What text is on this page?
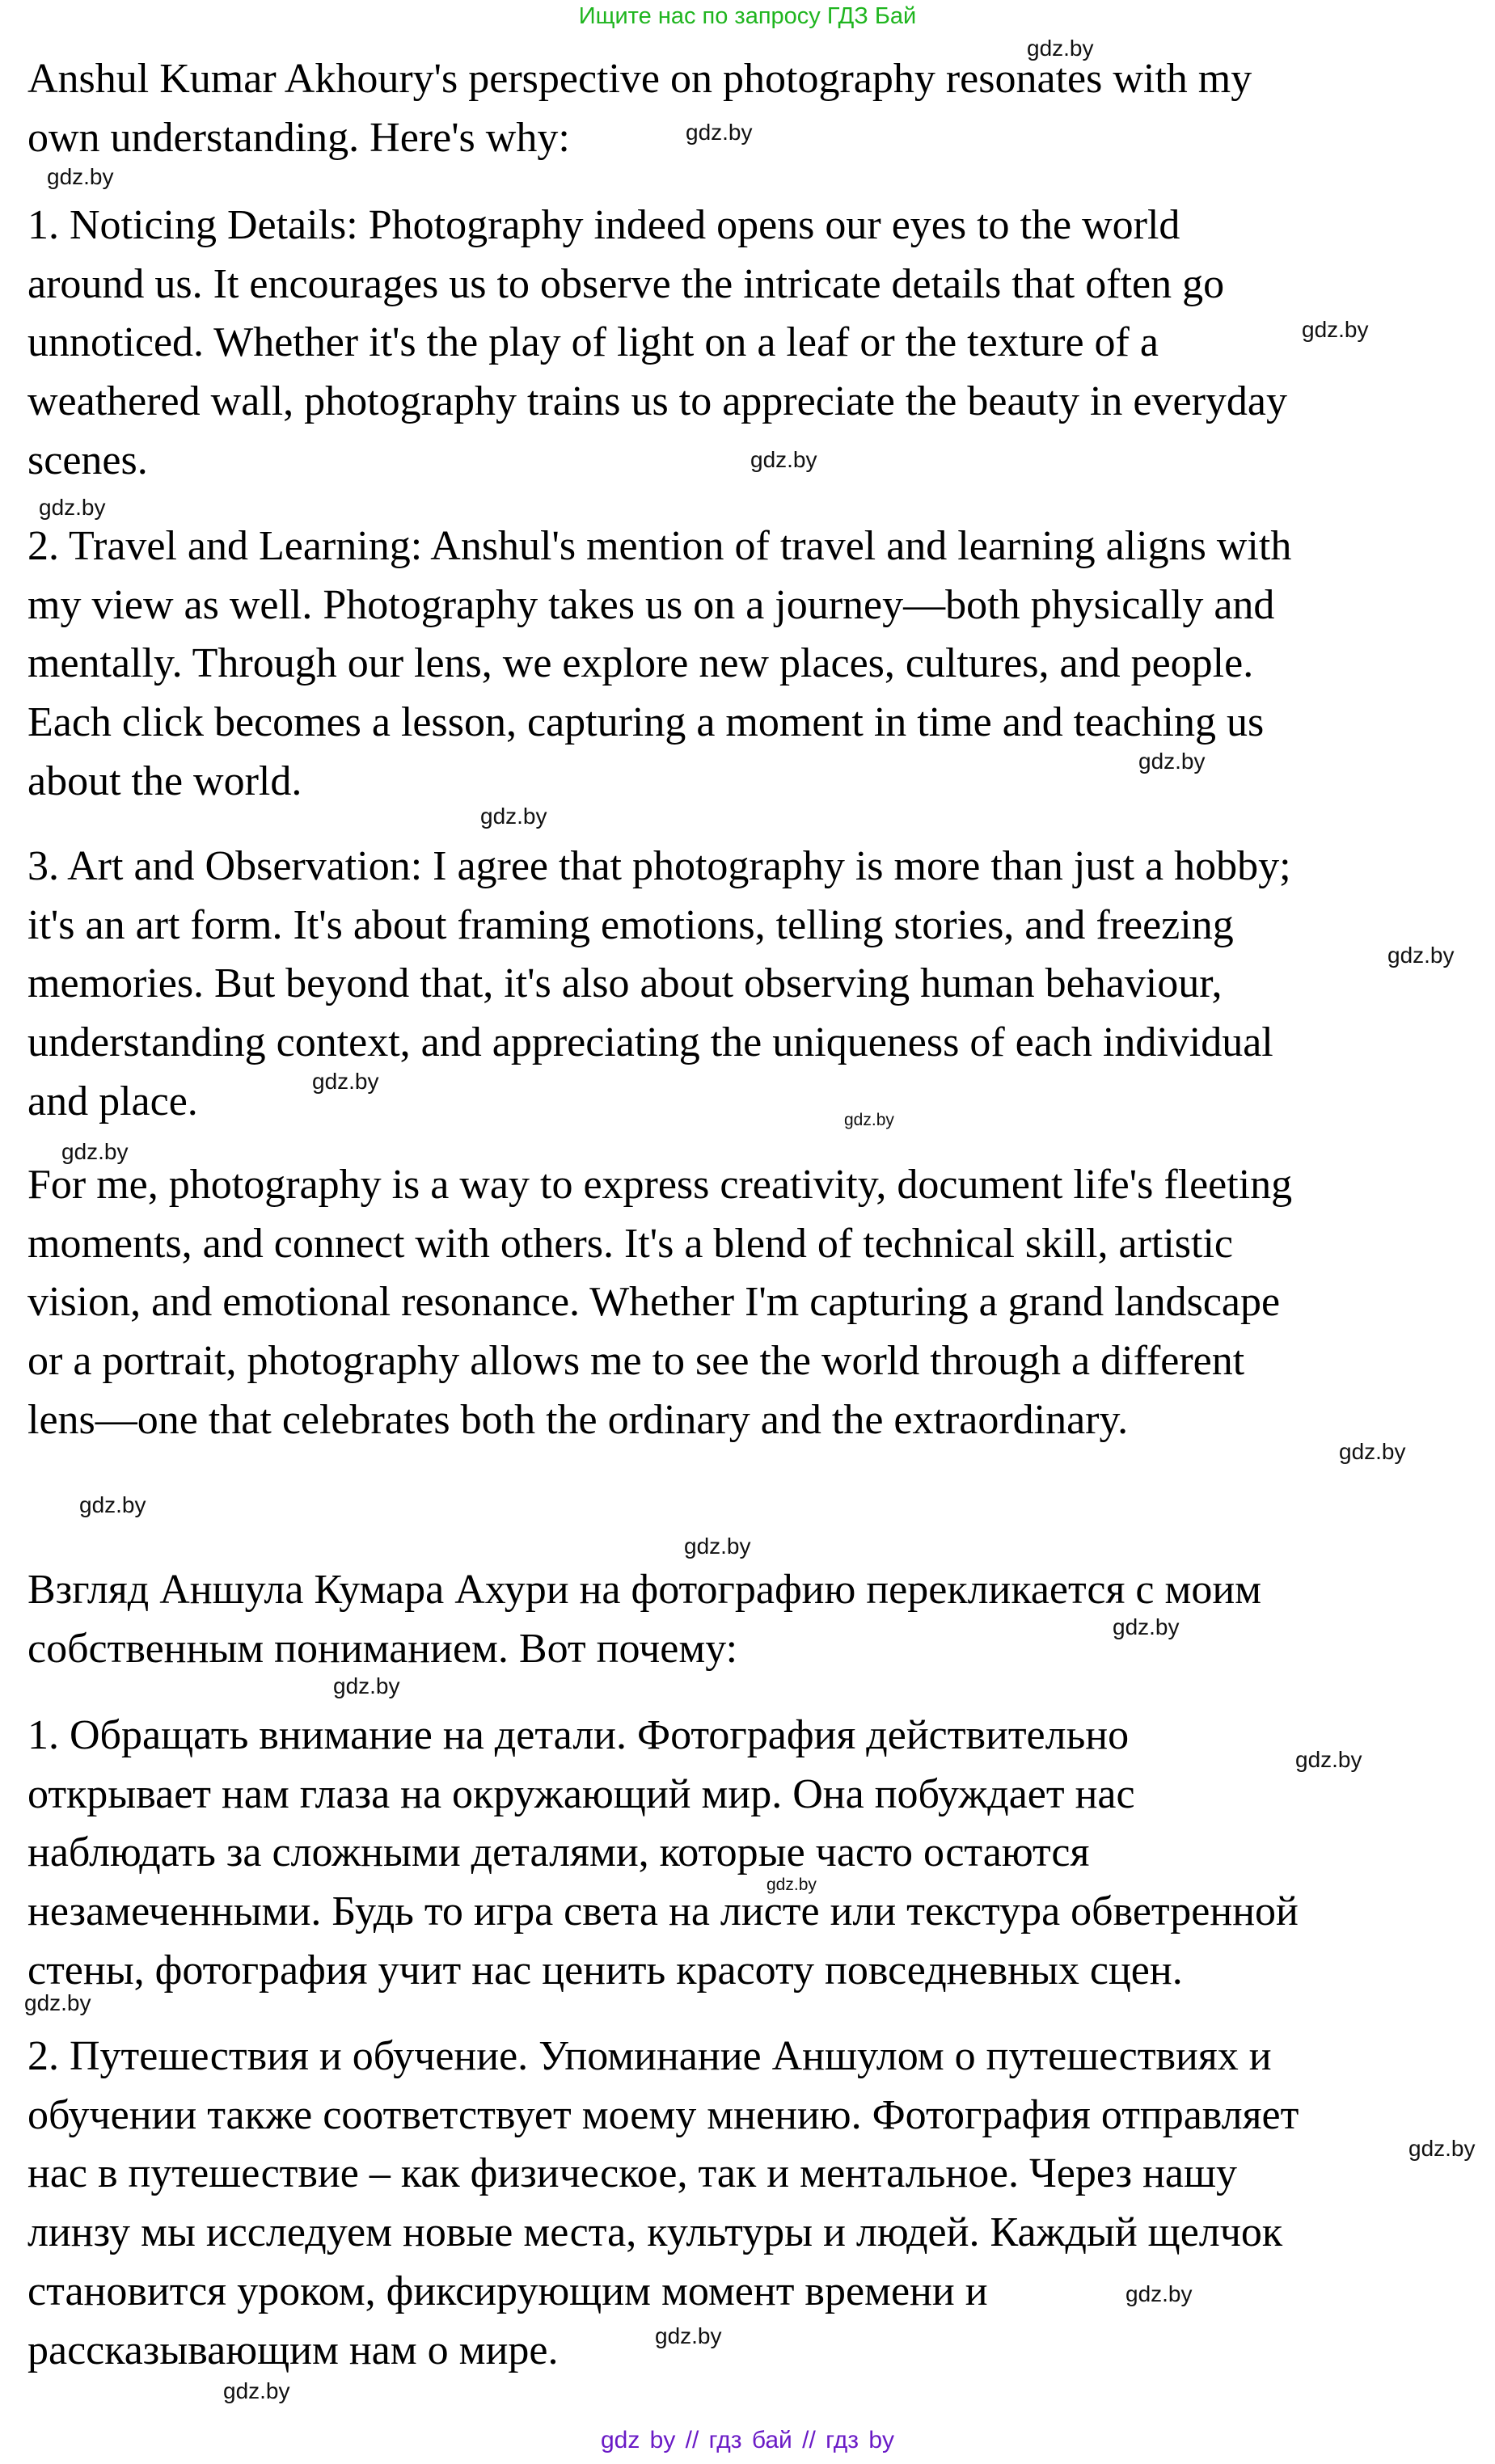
Ищите нас по запросу ГДЗ Бай
Anshul Kumar Akhoury's perspective on photography resonates with my
own understanding. Here's why:
1. Noticing Details: Photography indeed opens our eyes to the world
around us. It encourages us to observe the intricate details that often go
unnoticed. Whether it's the play of light on a leaf or the texture of a
weathered wall, photography trains us to appreciate the beauty in everyday
scenes.
2. Travel and Learning: Anshul's mention of travel and learning aligns with
my view as well. Photography takes us on a journey—both physically and
mentally. Through our lens, we explore new places, cultures, and people.
Each click becomes a lesson, capturing a moment in time and teaching us
about the world.
3. Art and Observation: I agree that photography is more than just a hobby;
it's an art form. It's about framing emotions, telling stories, and freezing
memories. But beyond that, it's also about observing human behaviour,
understanding context, and appreciating the uniqueness of each individual
and place.
For me, photography is a way to express creativity, document life's fleeting
moments, and connect with others. It's a blend of technical skill, artistic
vision, and emotional resonance. Whether I'm capturing a grand landscape
or a portrait, photography allows me to see the world through a different
lens—one that celebrates both the ordinary and the extraordinary.
Взгляд Аншула Кумара Ахури на фотографию перекликается с моим
собственным пониманием. Вот почему:
1. Обращать внимание на детали. Фотография действительно
открывает нам глаза на окружающий мир. Она побуждает нас
наблюдать за сложными деталями, которые часто остаются
незамеченными. Будь то игра света на листе или текстура обветренной
стены, фотография учит нас ценить красоту повседневных сцен.
2. Путешествия и обучение. Упоминание Аншулом о путешествиях и
обучении также соответствует моему мнению. Фотография отправляет
нас в путешествие – как физическое, так и ментальное. Через нашу
линзу мы исследуем новые места, культуры и людей. Каждый щелчок
становится уроком, фиксирующим момент времени и
рассказывающим нам о мире.
gdz.by
gdz.by
gdz.by
gdz.by
gdz.by
gdz.by
gdz.by
gdz.by
gdz.by
gdz.by
gdz.by
gdz.by
gdz.by
gdz.by
gdz.by
gdz.by
gdz.by
gdz.by
gdz.by
gdz.by
gdz.by
gdz.by
gdz.by
gdz.by
gdz by // гдз бай // гдз by
